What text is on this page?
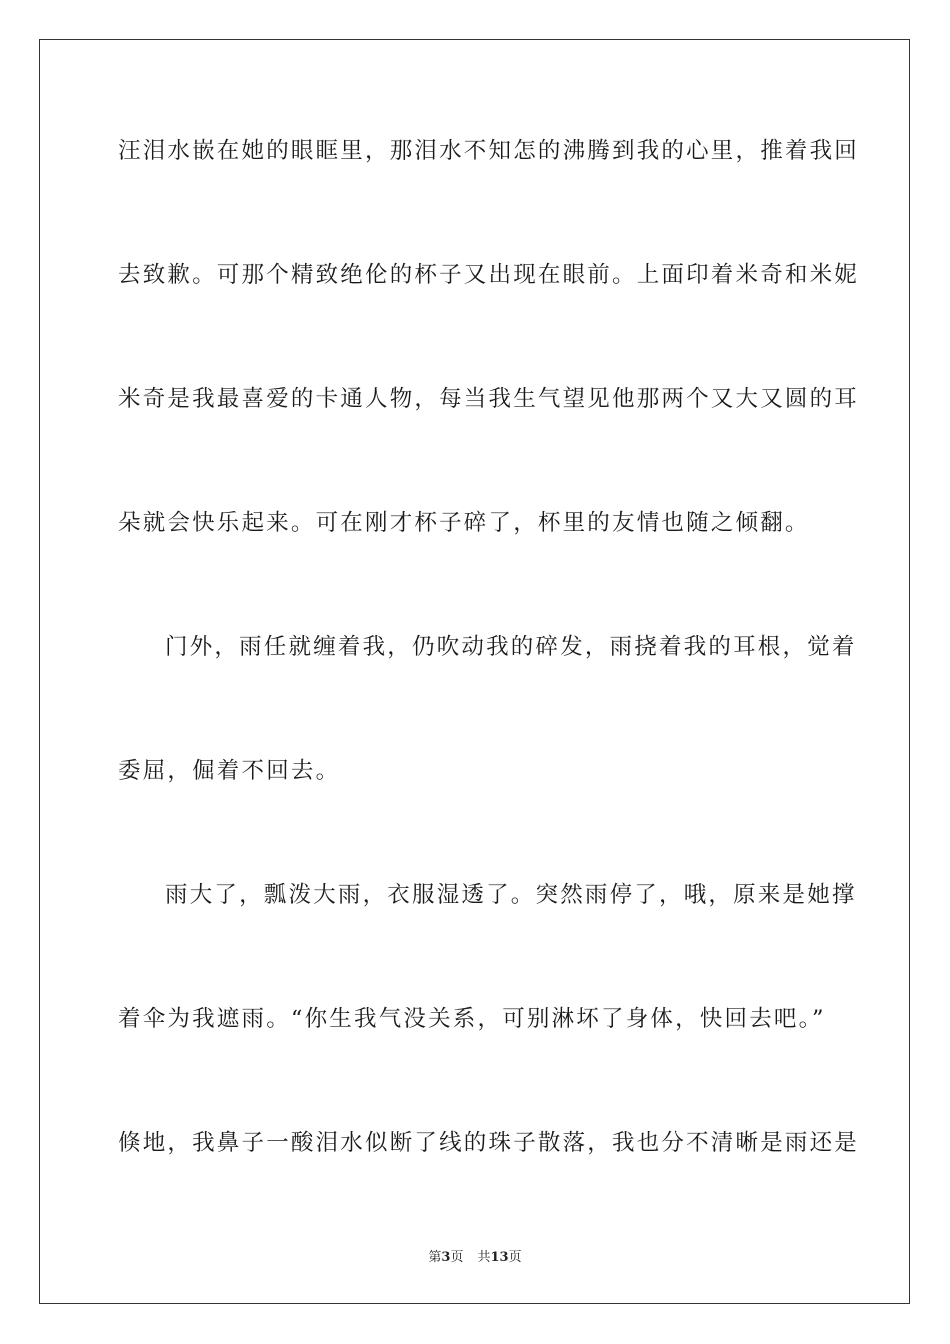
汪泪水嵌在她的眼眶里，那泪水不知怎的沸腾到我的心里，推着我回
去致歉。可那个精致绝伦的杯子又出现在眼前。上面印着米奇和米妮
米奇是我最喜爱的卡通人物，每当我生气望见他那两个又大又圆的耳
朵就会快乐起来。可在刚才杯子碎了，杯里的友情也随之倾翻。
门外，雨任就缠着我，仍吹动我的碎发，雨挠着我的耳根，觉着
委屈，倔着不回去。
雨大了，瓢泼大雨，衣服湿透了。突然雨停了，哦，原来是她撑
着伞为我遮雨。“你生我气没关系，可别淋坏了身体，快回去吧。”
倏地，我鼻子一酸泪水似断了线的珠子散落，我也分不清晰是雨还是
第3页 共13页
